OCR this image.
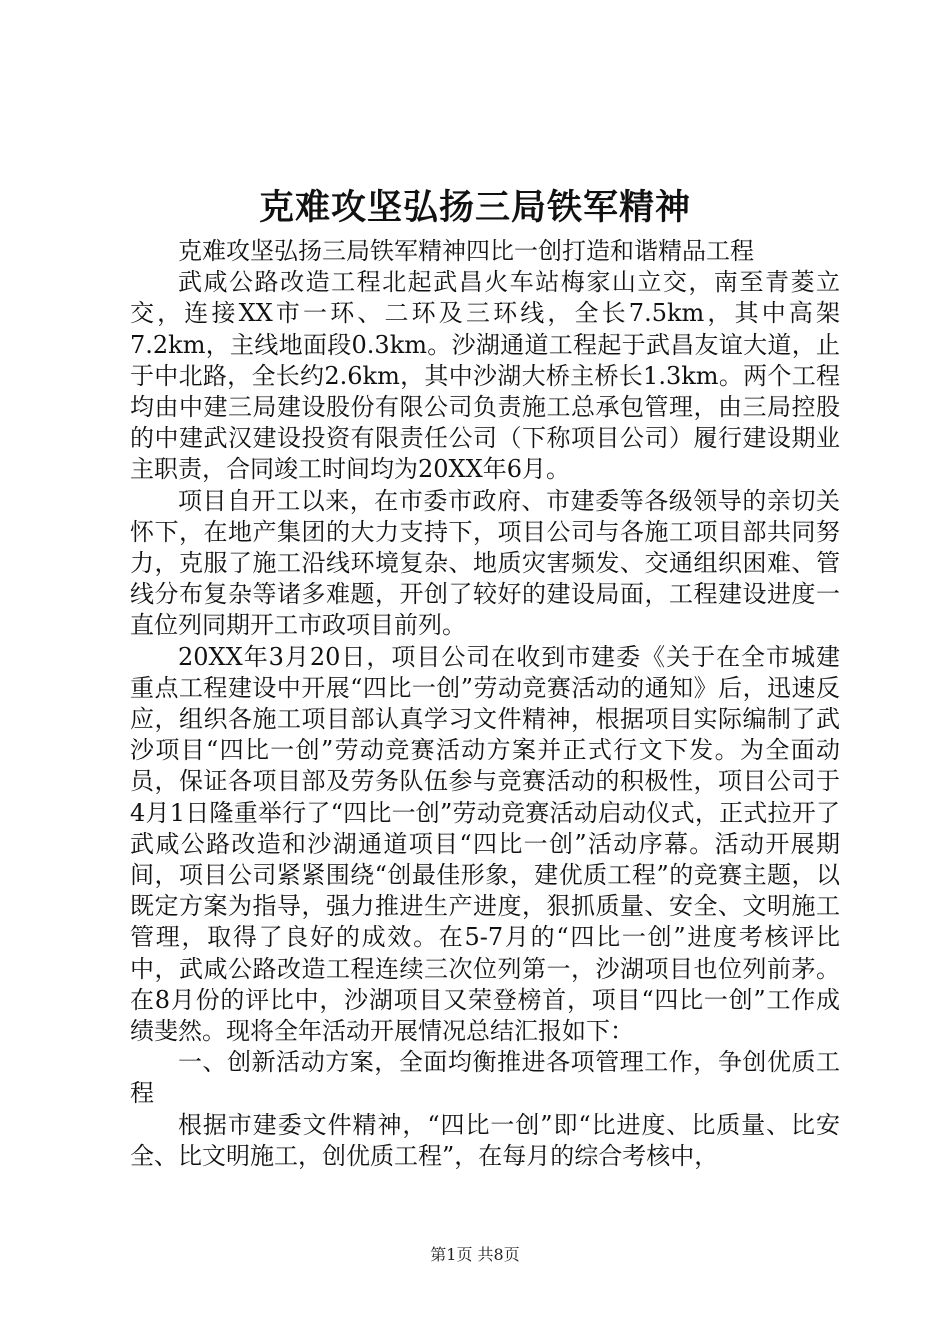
克难攻坚弘扬三局铁军精神

克难攻坚弘扬三局铁军精神四比一创打造和谐精品工程

武咸公路改造工程北起武昌火车站梅家山立交，南至青菱立交，连接XX市一环、二环及三环线，全长7.5km，其中高架7.2km，主线地面段0.3km。沙湖通道工程起于武昌友谊大道，止于中北路，全长约2.6km，其中沙湖大桥主桥长1.3km。两个工程均由中建三局建设股份有限公司负责施工总承包管理，由三局控股的中建武汉建设投资有限责任公司（下称项目公司）履行建设期业主职责，合同竣工时间均为20XX年6月。

项目自开工以来，在市委市政府、市建委等各级领导的亲切关怀下，在地产集团的大力支持下，项目公司与各施工项目部共同努力，克服了施工沿线环境复杂、地质灾害频发、交通组织困难、管线分布复杂等诸多难题，开创了较好的建设局面，工程建设进度一直位列同期开工市政项目前列。

20XX年3月20日，项目公司在收到市建委《关于在全市城建重点工程建设中开展“四比一创”劳动竞赛活动的通知》后，迅速反应，组织各施工项目部认真学习文件精神，根据项目实际编制了武沙项目“四比一创”劳动竞赛活动方案并正式行文下发。为全面动员，保证各项目部及劳务队伍参与竞赛活动的积极性，项目公司于4月1日隆重举行了“四比一创”劳动竞赛活动启动仪式，正式拉开了武咸公路改造和沙湖通道项目“四比一创”活动序幕。活动开展期间，项目公司紧紧围绕“创最佳形象，建优质工程”的竞赛主题，以既定方案为指导，强力推进生产进度，狠抓质量、安全、文明施工管理，取得了良好的成效。在5-7月的“四比一创”进度考核评比中，武咸公路改造工程连续三次位列第一，沙湖项目也位列前茅。在8月份的评比中，沙湖项目又荣登榜首，项目“四比一创”工作成绩斐然。现将全年活动开展情况总结汇报如下：

一、创新活动方案，全面均衡推进各项管理工作，争创优质工程

根据市建委文件精神，“四比一创”即“比进度、比质量、比安全、比文明施工，创优质工程”，在每月的综合考核中，

第1页 共8页
